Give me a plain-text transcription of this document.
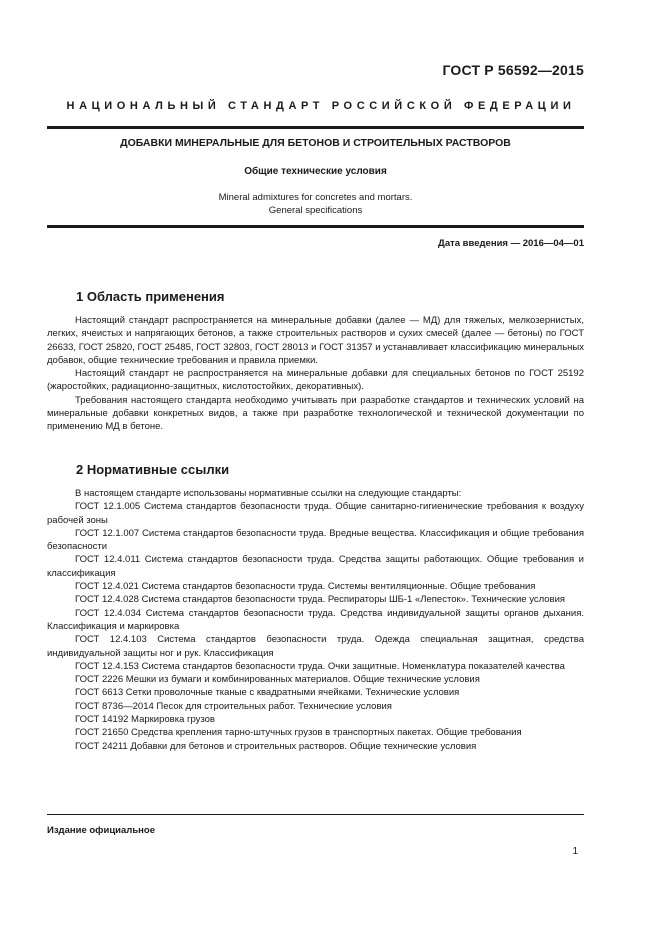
ГОСТ Р 56592—2015
НАЦИОНАЛЬНЫЙ СТАНДАРТ РОССИЙСКОЙ ФЕДЕРАЦИИ
ДОБАВКИ МИНЕРАЛЬНЫЕ ДЛЯ БЕТОНОВ И СТРОИТЕЛЬНЫХ РАСТВОРОВ
Общие технические условия
Mineral admixtures for concretes and mortars.
General specifications
Дата введения — 2016—04—01
1 Область применения

Настоящий стандарт распространяется на минеральные добавки (далее — МД) для тяжелых, мелкозернистых, легких, ячеистых и напрягающих бетонов, а также строительных растворов и сухих смесей (далее — бетоны) по ГОСТ 26633, ГОСТ 25820, ГОСТ 25485, ГОСТ 32803, ГОСТ 28013 и ГОСТ 31357 и устанавливает классификацию минеральных добавок, общие технические требования и правила приемки.

Настоящий стандарт не распространяется на минеральные добавки для специальных бетонов по ГОСТ 25192 (жаростойких, радиационно-защитных, кислотостойких, декоративных).

Требования настоящего стандарта необходимо учитывать при разработке стандартов и технических условий на минеральные добавки конкретных видов, а также при разработке технологической и технической документации по применению МД в бетоне.

2 Нормативные ссылки

В настоящем стандарте использованы нормативные ссылки на следующие стандарты:

ГОСТ 12.1.005 Система стандартов безопасности труда. Общие санитарно-гигиенические требования к воздуху рабочей зоны
ГОСТ 12.1.007 Система стандартов безопасности труда. Вредные вещества. Классификация и общие требования безопасности
ГОСТ 12.4.011 Система стандартов безопасности труда. Средства защиты работающих. Общие требования и классификация
ГОСТ 12.4.021 Система стандартов безопасности труда. Системы вентиляционные. Общие требования
ГОСТ 12.4.028 Система стандартов безопасности труда. Респираторы ШБ-1 «Лепесток». Технические условия
ГОСТ 12.4.034 Система стандартов безопасности труда. Средства индивидуальной защиты органов дыхания. Классификация и маркировка
ГОСТ 12.4.103 Система стандартов безопасности труда. Одежда специальная защитная, средства индивидуальной защиты ног и рук. Классификация
ГОСТ 12.4.153 Система стандартов безопасности труда. Очки защитные. Номенклатура показателей качества
ГОСТ 2226 Мешки из бумаги и комбинированных материалов. Общие технические условия
ГОСТ 6613 Сетки проволочные тканые с квадратными ячейками. Технические условия
ГОСТ 8736—2014 Песок для строительных работ. Технические условия
ГОСТ 14192 Маркировка грузов
ГОСТ 21650 Средства крепления тарно-штучных грузов в транспортных пакетах. Общие требования
ГОСТ 24211 Добавки для бетонов и строительных растворов. Общие технические условия
Издание официальное
1
